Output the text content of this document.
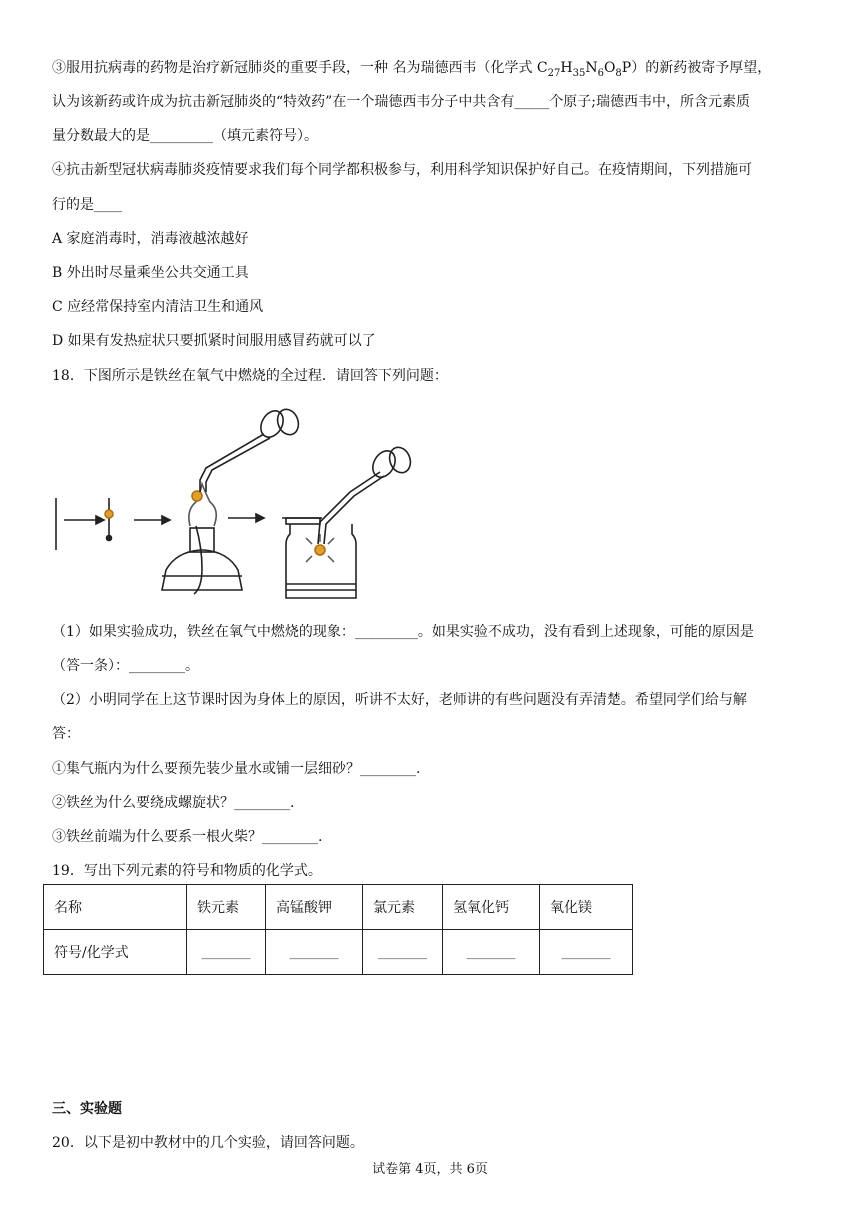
③服用抗病毒的药物是治疗新冠肺炎的重要手段，一种 名为瑞德西韦（化学式 $C_{27}H_{35}N_6O_8P$）的新药被寄予厚望，
认为该新药或许成为抗击新冠肺炎的“特效药”在一个瑞德西韦分子中共含有_____个原子;瑞德西韦中，所含元素质
量分数最大的是_________（填元素符号）。
④抗击新型冠状病毒肺炎疫情要求我们每个同学都积极参与，利用科学知识保护好自己。在疫情期间，下列措施可
行的是____
A 家庭消毒时，消毒液越浓越好
B 外出时尽量乘坐公共交通工具
C 应经常保持室内清洁卫生和通风
D 如果有发热症状只要抓紧时间服用感冒药就可以了
18．下图所示是铁丝在氧气中燃烧的全过程．请回答下列问题：
（1）如果实验成功，铁丝在氧气中燃烧的现象：_________。如果实验不成功，没有看到上述现象，可能的原因是
（答一条）：________。
（2）小明同学在上这节课时因为身体上的原因，听讲不太好，老师讲的有些问题没有弄清楚。希望同学们给与解
答：
①集气瓶内为什么要预先装少量水或铺一层细砂？________.
②铁丝为什么要绕成螺旋状？________.
③铁丝前端为什么要系一根火柴？________.
19．写出下列元素的符号和物质的化学式。
名称	铁元素	高锰酸钾	氯元素	氢氧化钙	氧化镁
符号/化学式	_______	_______	_______	_______	_______
三、实验题
20．以下是初中教材中的几个实验，请回答问题。
试卷第 4页，共 6页
